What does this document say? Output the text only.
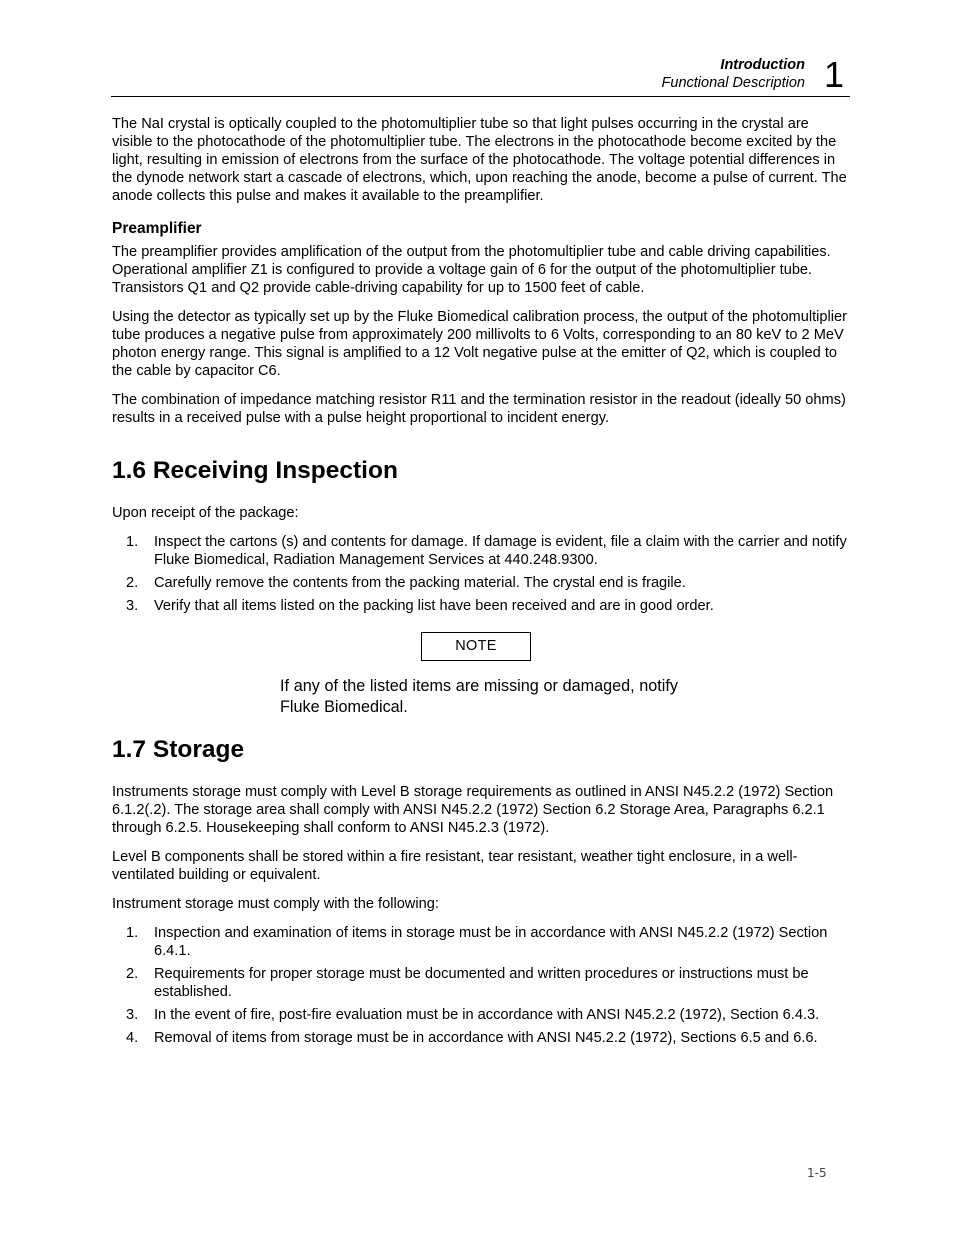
Introduction
Functional Description 1

The NaI crystal is optically coupled to the photomultiplier tube so that light pulses occurring in the crystal are visible to the photocathode of the photomultiplier tube. The electrons in the photocathode become excited by the light, resulting in emission of electrons from the surface of the photocathode. The voltage potential differences in the dynode network start a cascade of electrons, which, upon reaching the anode, become a pulse of current. The anode collects this pulse and makes it available to the preamplifier.

Preamplifier

The preamplifier provides amplification of the output from the photomultiplier tube and cable driving capabilities. Operational amplifier Z1 is configured to provide a voltage gain of 6 for the output of the photomultiplier tube. Transistors Q1 and Q2 provide cable-driving capability for up to 1500 feet of cable.

Using the detector as typically set up by the Fluke Biomedical calibration process, the output of the photomultiplier tube produces a negative pulse from approximately 200 millivolts to 6 Volts, corresponding to an 80 keV to 2 MeV photon energy range. This signal is amplified to a 12 Volt negative pulse at the emitter of Q2, which is coupled to the cable by capacitor C6.

The combination of impedance matching resistor R11 and the termination resistor in the readout (ideally 50 ohms) results in a received pulse with a pulse height proportional to incident energy.

1.6 Receiving Inspection

Upon receipt of the package:

1.	Inspect the cartons (s) and contents for damage. If damage is evident, file a claim with the carrier and notify Fluke Biomedical, Radiation Management Services at 440.248.9300.
2.	Carefully remove the contents from the packing material. The crystal end is fragile.
3.	Verify that all items listed on the packing list have been received and are in good order.
NOTE
If any of the listed items are missing or damaged, notify Fluke Biomedical.
1.7 Storage

Instruments storage must comply with Level B storage requirements as outlined in ANSI N45.2.2 (1972) Section 6.1.2(.2). The storage area shall comply with ANSI N45.2.2 (1972) Section 6.2 Storage Area, Paragraphs 6.2.1 through 6.2.5. Housekeeping shall conform to ANSI N45.2.3 (1972).

Level B components shall be stored within a fire resistant, tear resistant, weather tight enclosure, in a well-ventilated building or equivalent.

Instrument storage must comply with the following:

1.	Inspection and examination of items in storage must be in accordance with ANSI N45.2.2 (1972) Section 6.4.1.
2.	Requirements for proper storage must be documented and written procedures or instructions must be established.
3.	In the event of fire, post-fire evaluation must be in accordance with ANSI N45.2.2 (1972), Section 6.4.3.
4.	Removal of items from storage must be in accordance with ANSI N45.2.2 (1972), Sections 6.5 and 6.6.
1-5
